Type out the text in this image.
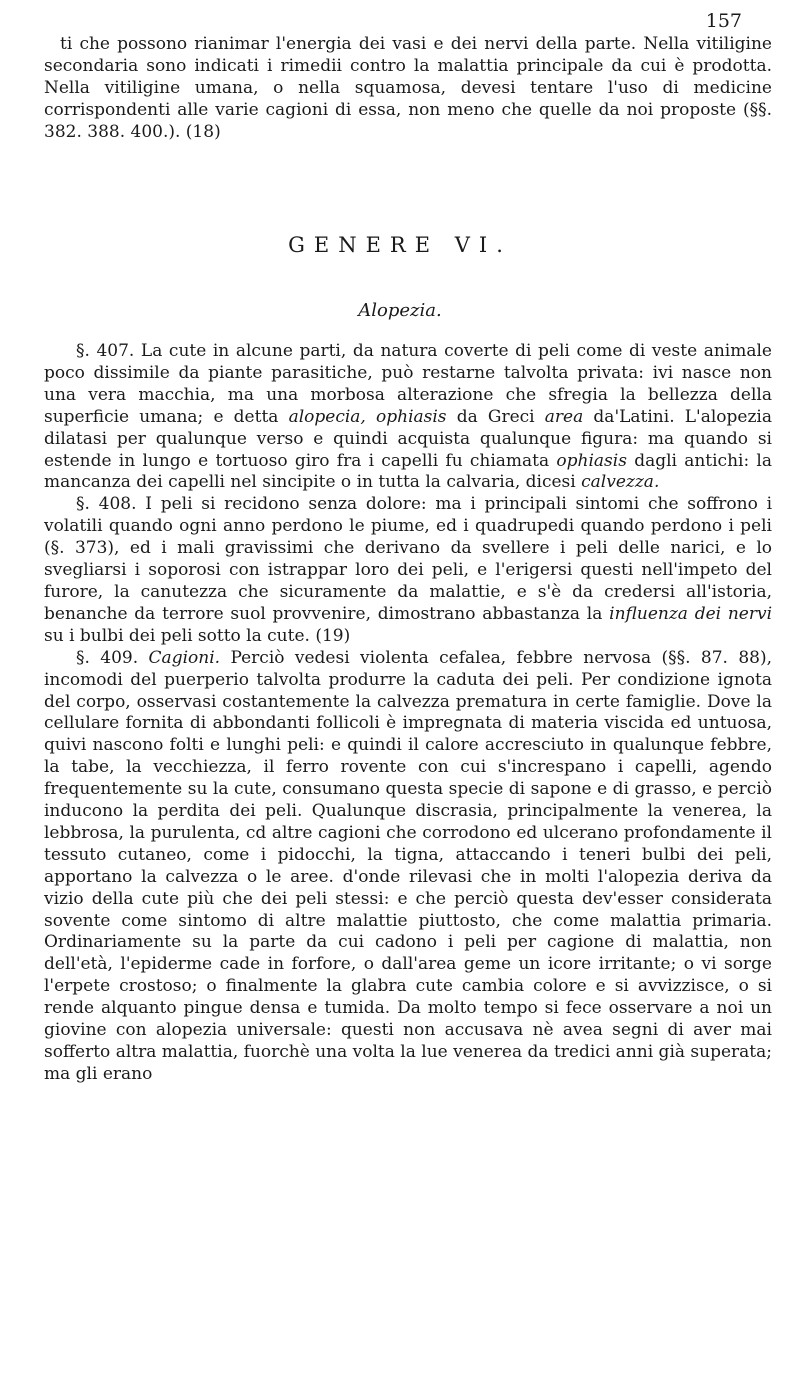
157

ti che possono rianimar l'energia dei vasi e dei nervi della parte. Nella vitiligine secondaria sono indicati i rimedii contro la malattia principale da cui è prodotta. Nella vitiligine umana, o nella squamosa, devesi tentare l'uso di medicine corrispondenti alle varie cagioni di essa, non meno che quelle da noi proposte (§§. 382. 388. 400.). (18)

GENERE VI.
Alopezia.

§. 407. La cute in alcune parti, da natura coverte di peli come di veste animale poco dissimile da piante parasitiche, può restarne talvolta privata: ivi nasce non una vera macchia, ma una morbosa alterazione che sfregia la bellezza della superficie umana; e detta alopecia, ophiasis da Greci area da'Latini. L'alopezia dilatasi per qualunque verso e quindi acquista qualunque figura: ma quando si estende in lungo e tortuoso giro fra i capelli fu chiamata ophiasis dagli antichi: la mancanza dei capelli nel sincipite o in tutta la calvaria, dicesi calvezza.

§. 408. I peli si recidono senza dolore: ma i principali sintomi che soffrono i volatili quando ogni anno perdono le piume, ed i quadrupedi quando perdono i peli (§. 373), ed i mali gravissimi che derivano da svellere i peli delle narici, e lo svegliarsi i soporosi con istrappar loro dei peli, e l'erigersi questi nell'impeto del furore, la canutezza che sicuramente da malattie, e s'è da credersi all'istoria, benanche da terrore suol provvenire, dimostrano abbastanza la influenza dei nervi su i bulbi dei peli sotto la cute. (19)

§. 409. Cagioni. Perciò vedesi violenta cefalea, febbre nervosa (§§. 87. 88), incomodi del puerperio talvolta produrre la caduta dei peli. Per condizione ignota del corpo, osservasi costantemente la calvezza prematura in certe famiglie. Dove la cellulare fornita di abbondanti follicoli è impregnata di materia viscida ed untuosa, quivi nascono folti e lunghi peli: e quindi il calore accresciuto in qualunque febbre, la tabe, la vecchiezza, il ferro rovente con cui s'increspano i capelli, agendo frequentemente su la cute, consumano questa specie di sapone e di grasso, e perciò inducono la perdita dei peli. Qualunque discrasia, principalmente la venerea, la lebbrosa, la purulenta, cd altre cagioni che corrodono ed ulcerano profondamente il tessuto cutaneo, come i pidocchi, la tigna, attaccando i teneri bulbi dei peli, apportano la calvezza o le aree. d'onde rilevasi che in molti l'alopezia deriva da vizio della cute più che dei peli stessi: e che perciò questa dev'esser considerata sovente come sintomo di altre malattie piuttosto, che come malattia primaria. Ordinariamente su la parte da cui cadono i peli per cagione di malattia, non dell'età, l'epiderme cade in forfore, o dall'area geme un icore irritante; o vi sorge l'erpete crostoso; o finalmente la glabra cute cambia colore e si avvizzisce, o si rende alquanto pingue densa e tumida. Da molto tempo si fece osservare a noi un giovine con alopezia universale: questi non accusava nè avea segni di aver mai sofferto altra malattia, fuorchè una volta la lue venerea da tredici anni già superata; ma gli erano
